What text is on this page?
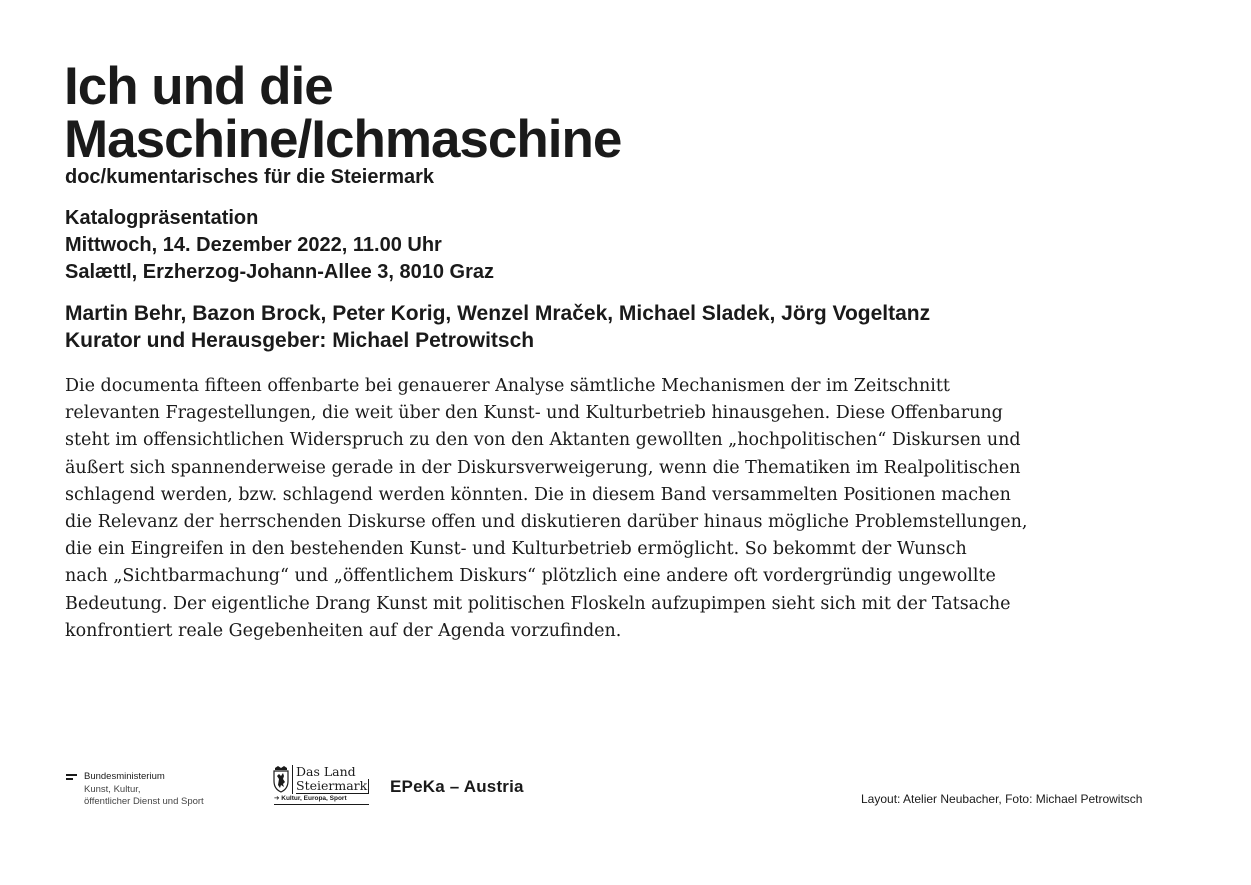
Ich und die
Maschine/Ichmaschine
doc/kumentarisches für die Steiermark
Katalogpräsentation
Mittwoch, 14. Dezember 2022, 11.00 Uhr
Salættl, Erzherzog-Johann-Allee 3, 8010 Graz
Martin Behr, Bazon Brock, Peter Korig, Wenzel Mraček, Michael Sladek, Jörg Vogeltanz
Kurator und Herausgeber: Michael Petrowitsch

Die documenta fifteen offenbarte bei genauerer Analyse sämtliche Mechanismen der im Zeitschnitt
relevanten Fragestellungen, die weit über den Kunst- und Kulturbetrieb hinausgehen. Diese Offenbarung
steht im offensichtlichen Widerspruch zu den von den Aktanten gewollten „hochpolitischen“ Diskursen und
äußert sich spannenderweise gerade in der Diskursverweigerung, wenn die Thematiken im Realpolitischen
schlagend werden, bzw. schlagend werden könnten. Die in diesem Band versammelten Positionen machen
die Relevanz der herrschenden Diskurse offen und diskutieren darüber hinaus mögliche Problemstellungen,
die ein Eingreifen in den bestehenden Kunst- und Kulturbetrieb ermöglicht. So bekommt der Wunsch
nach „Sichtbarmachung“ und „öffentlichem Diskurs“ plötzlich eine andere oft vordergründig ungewollte
Bedeutung. Der eigentliche Drang Kunst mit politischen Floskeln aufzupimpen sieht sich mit der Tatsache
konfrontiert reale Gegebenheiten auf der Agenda vorzufinden.

Bundesministerium
Kunst, Kultur,
öffentlicher Dienst und Sport
Das Land
Steiermark
➔ Kultur, Europa, Sport
EPeKa – Austria
Layout: Atelier Neubacher, Foto: Michael Petrowitsch
